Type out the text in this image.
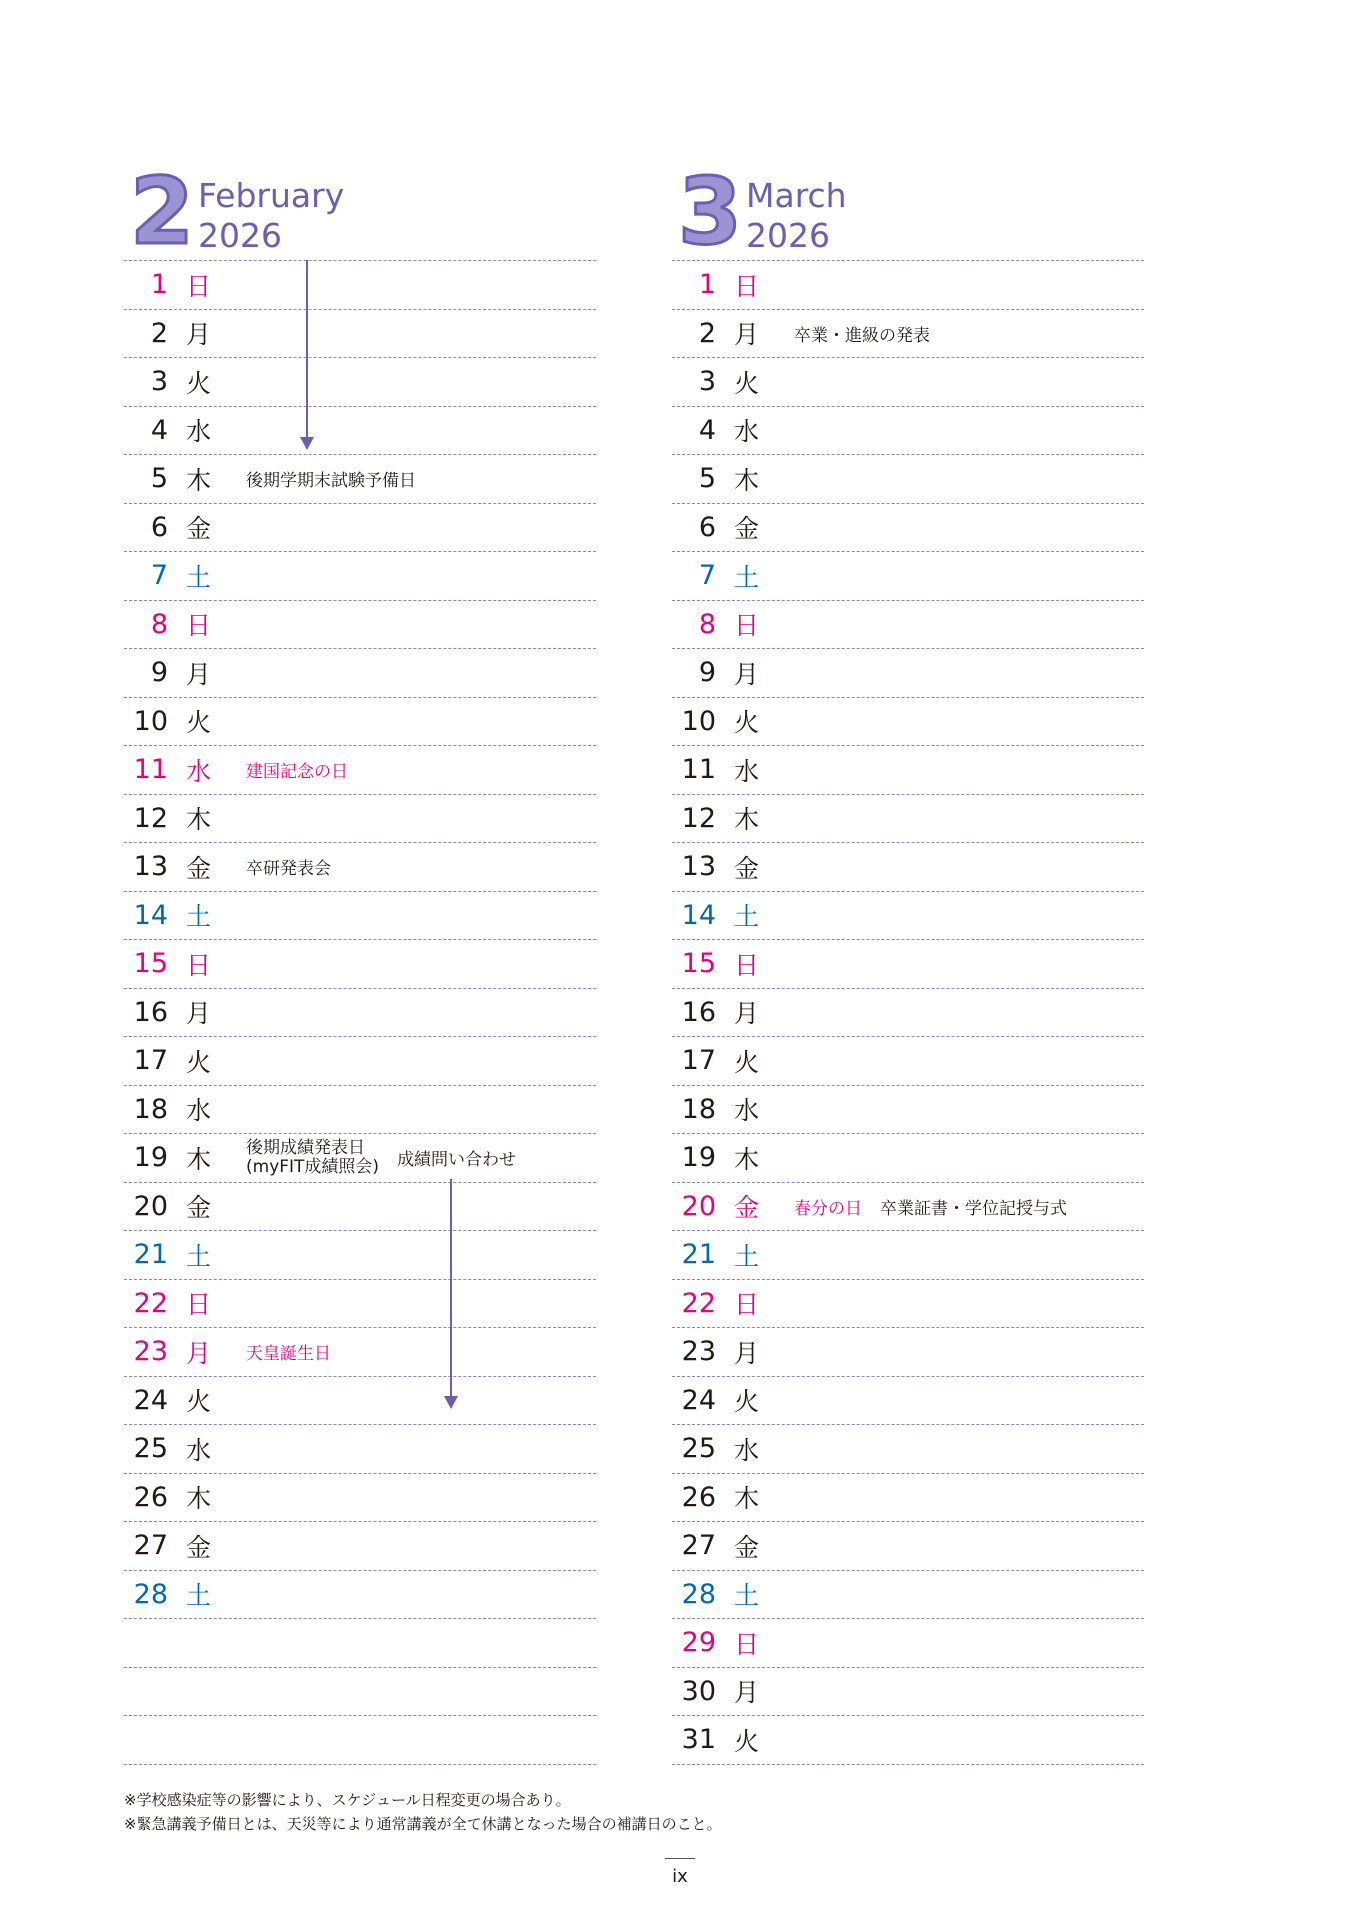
2 February
2026
1 日
2 月
3 火
4 水
5 木	後期学期末試験予備日
6 金
7 土
8 日
9 月
10 火
11 水	建国記念の日
12 木
13 金	卒研発表会
14 土
15 日
16 月
17 火
18 水
19 木	後期成績発表日
(myFIT成績照会) 成績問い合わせ
20 金
21 土
22 日
23 月	天皇誕生日
24 火
25 水
26 木
27 金
28 土
3 March
2026
1 日
2 月	卒業・進級の発表
3 火
4 水
5 木
6 金
7 土
8 日
9 月
10 火
11 水
12 木
13 金
14 土
15 日
16 月
17 火
18 水
19 木
20 金	春分の日 卒業証書・学位記授与式
21 土
22 日
23 月
24 火
25 水
26 木
27 金
28 土
29 日
30 月
31 火
※学校感染症等の影響により、スケジュール日程変更の場合あり。
※緊急講義予備日とは、天災等により通常講義が全て休講となった場合の補講日のこと。
ix
